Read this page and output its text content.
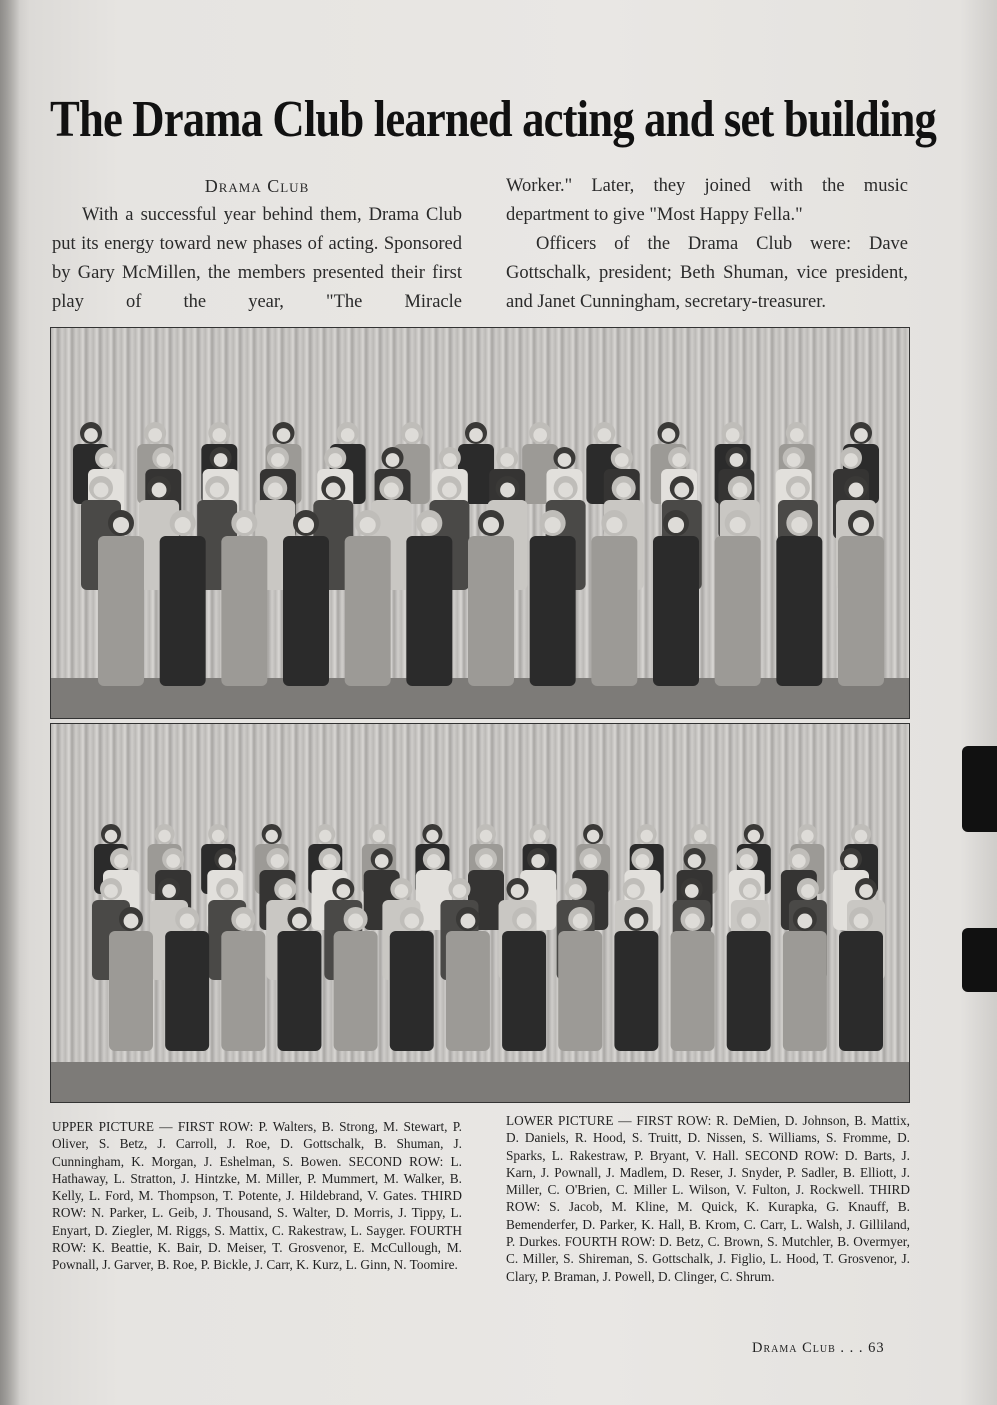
The Drama Club learned acting and set building
Drama Club
With a successful year behind them, Drama Club put its energy toward new phases of acting. Sponsored by Gary McMillen, the members presented their first play of the year, "The Miracle
Worker." Later, they joined with the music department to give "Most Happy Fella."
Officers of the Drama Club were: Dave Gottschalk, president; Beth Shuman, vice president, and Janet Cunningham, secretary-treasurer.
UPPER PICTURE — FIRST ROW: P. Walters, B. Strong, M. Stewart, P. Oliver, S. Betz, J. Carroll, J. Roe, D. Gottschalk, B. Shuman, J. Cunningham, K. Morgan, J. Eshelman, S. Bowen. SECOND ROW: L. Hathaway, L. Stratton, J. Hintzke, M. Miller, P. Mummert, M. Walker, B. Kelly, L. Ford, M. Thompson, T. Potente, J. Hildebrand, V. Gates. THIRD ROW: N. Parker, L. Geib, J. Thousand, S. Walter, D. Morris, J. Tippy, L. Enyart, D. Ziegler, M. Riggs, S. Mattix, C. Rakestraw, L. Sayger. FOURTH ROW: K. Beattie, K. Bair, D. Meiser, T. Grosvenor, E. McCullough, M. Pownall, J. Garver, B. Roe, P. Bickle, J. Carr, K. Kurz, L. Ginn, N. Toomire.
LOWER PICTURE — FIRST ROW: R. DeMien, D. Johnson, B. Mattix, D. Daniels, R. Hood, S. Truitt, D. Nissen, S. Williams, S. Fromme, D. Sparks, L. Rakestraw, P. Bryant, V. Hall. SECOND ROW: D. Barts, J. Karn, J. Pownall, J. Madlem, D. Reser, J. Snyder, P. Sadler, B. Elliott, J. Miller, C. O'Brien, C. Miller L. Wilson, V. Fulton, J. Rockwell. THIRD ROW: S. Jacob, M. Kline, M. Quick, K. Kurapka, G. Knauff, B. Bemenderfer, D. Parker, K. Hall, B. Krom, C. Carr, L. Walsh, J. Gilliland, P. Durkes. FOURTH ROW: D. Betz, C. Brown, S. Mutchler, B. Overmyer, C. Miller, S. Shireman, S. Gottschalk, J. Figlio, L. Hood, T. Grosvenor, J. Clary, P. Braman, J. Powell, D. Clinger, C. Shrum.
Drama Club . . . 63
